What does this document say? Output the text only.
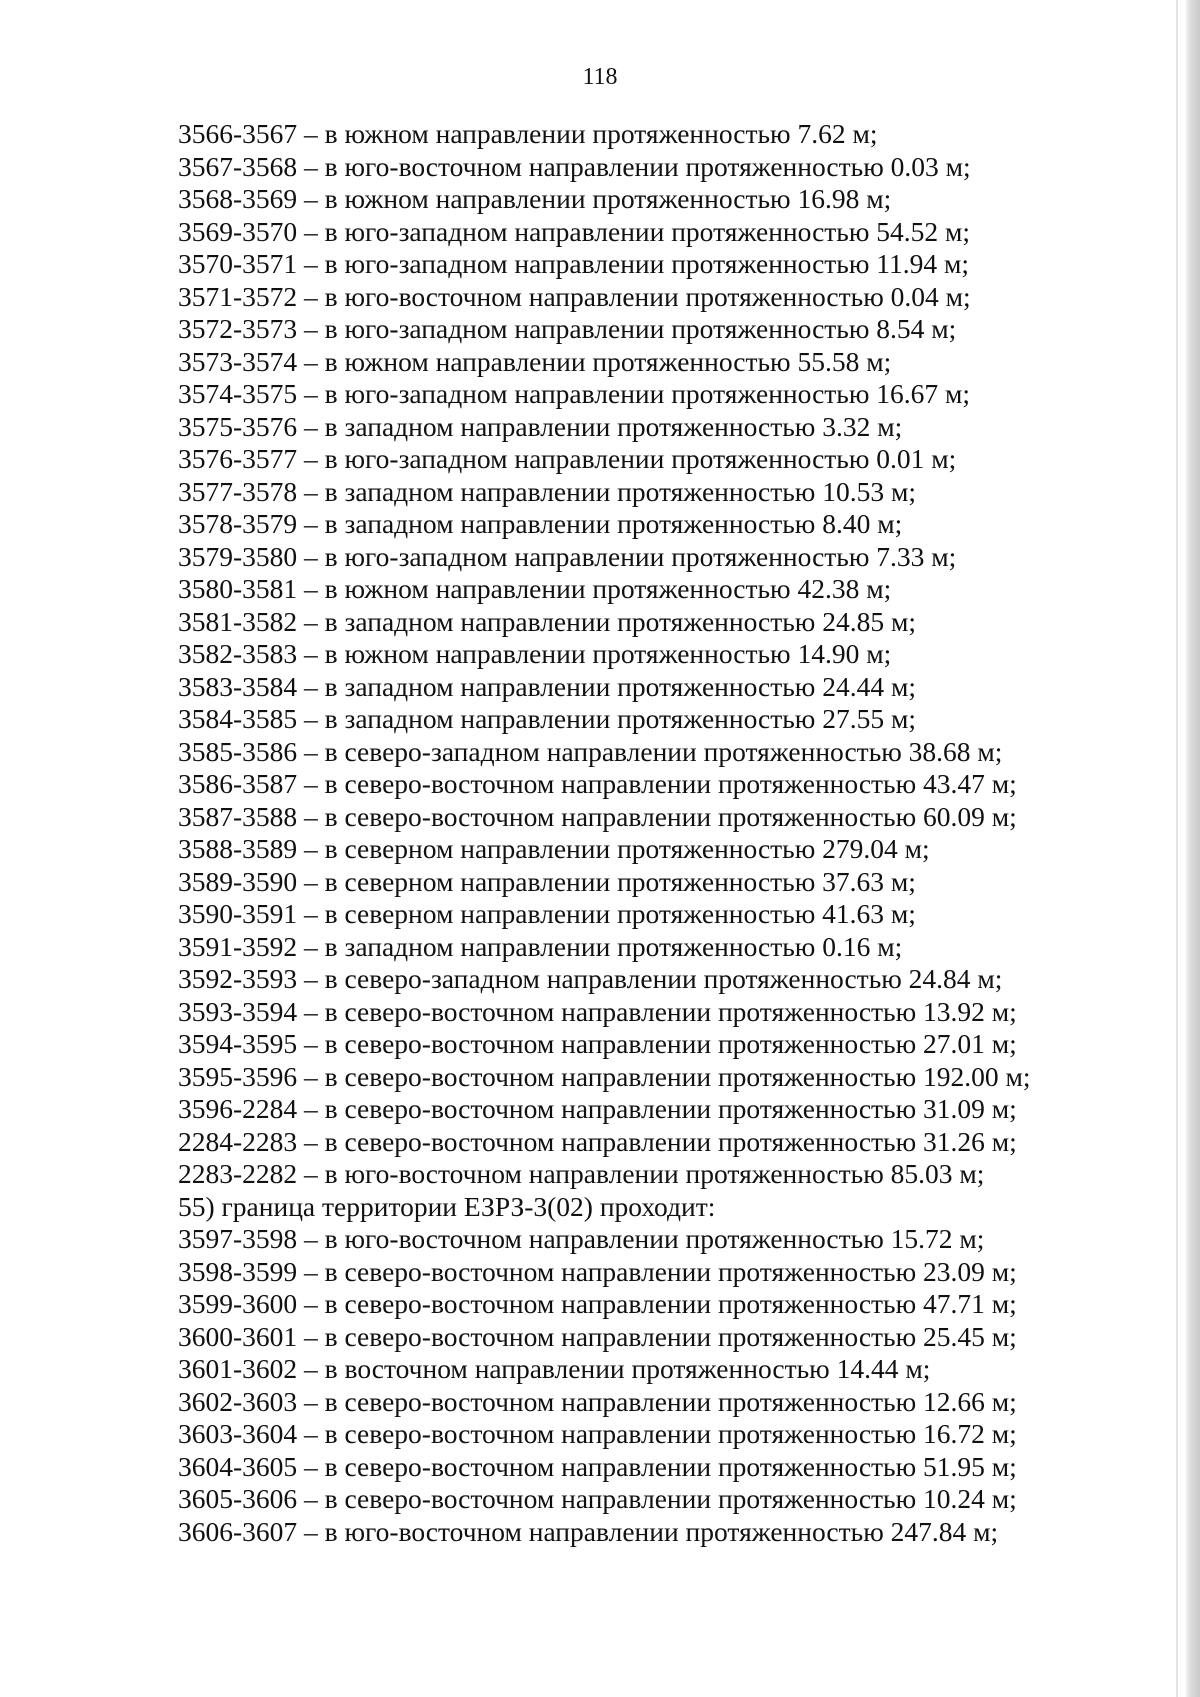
118
3566-3567 – в южном направлении протяженностью 7.62 м;
3567-3568 – в юго-восточном направлении протяженностью 0.03 м;
3568-3569 – в южном направлении протяженностью 16.98 м;
3569-3570 – в юго-западном направлении протяженностью 54.52 м;
3570-3571 – в юго-западном направлении протяженностью 11.94 м;
3571-3572 – в юго-восточном направлении протяженностью 0.04 м;
3572-3573 – в юго-западном направлении протяженностью 8.54 м;
3573-3574 – в южном направлении протяженностью 55.58 м;
3574-3575 – в юго-западном направлении протяженностью 16.67 м;
3575-3576 – в западном направлении протяженностью 3.32 м;
3576-3577 – в юго-западном направлении протяженностью 0.01 м;
3577-3578 – в западном направлении протяженностью 10.53 м;
3578-3579 – в западном направлении протяженностью 8.40 м;
3579-3580 – в юго-западном направлении протяженностью 7.33 м;
3580-3581 – в южном направлении протяженностью 42.38 м;
3581-3582 – в западном направлении протяженностью 24.85 м;
3582-3583 – в южном направлении протяженностью 14.90 м;
3583-3584 – в западном направлении протяженностью 24.44 м;
3584-3585 – в западном направлении протяженностью 27.55 м;
3585-3586 – в северо-западном направлении протяженностью 38.68 м;
3586-3587 – в северо-восточном направлении протяженностью 43.47 м;
3587-3588 – в северо-восточном направлении протяженностью 60.09 м;
3588-3589 – в северном направлении протяженностью 279.04 м;
3589-3590 – в северном направлении протяженностью 37.63 м;
3590-3591 – в северном направлении протяженностью 41.63 м;
3591-3592 – в западном направлении протяженностью 0.16 м;
3592-3593 – в северо-западном направлении протяженностью 24.84 м;
3593-3594 – в северо-восточном направлении протяженностью 13.92 м;
3594-3595 – в северо-восточном направлении протяженностью 27.01 м;
3595-3596 – в северо-восточном направлении протяженностью 192.00 м;
3596-2284 – в северо-восточном направлении протяженностью 31.09 м;
2284-2283 – в северо-восточном направлении протяженностью 31.26 м;
2283-2282 – в юго-восточном направлении протяженностью 85.03 м;
55) граница территории ЕЗРЗ-3(02) проходит:
3597-3598 – в юго-восточном направлении протяженностью 15.72 м;
3598-3599 – в северо-восточном направлении протяженностью 23.09 м;
3599-3600 – в северо-восточном направлении протяженностью 47.71 м;
3600-3601 – в северо-восточном направлении протяженностью 25.45 м;
3601-3602 – в восточном направлении протяженностью 14.44 м;
3602-3603 – в северо-восточном направлении протяженностью 12.66 м;
3603-3604 – в северо-восточном направлении протяженностью 16.72 м;
3604-3605 – в северо-восточном направлении протяженностью 51.95 м;
3605-3606 – в северо-восточном направлении протяженностью 10.24 м;
3606-3607 – в юго-восточном направлении протяженностью 247.84 м;
